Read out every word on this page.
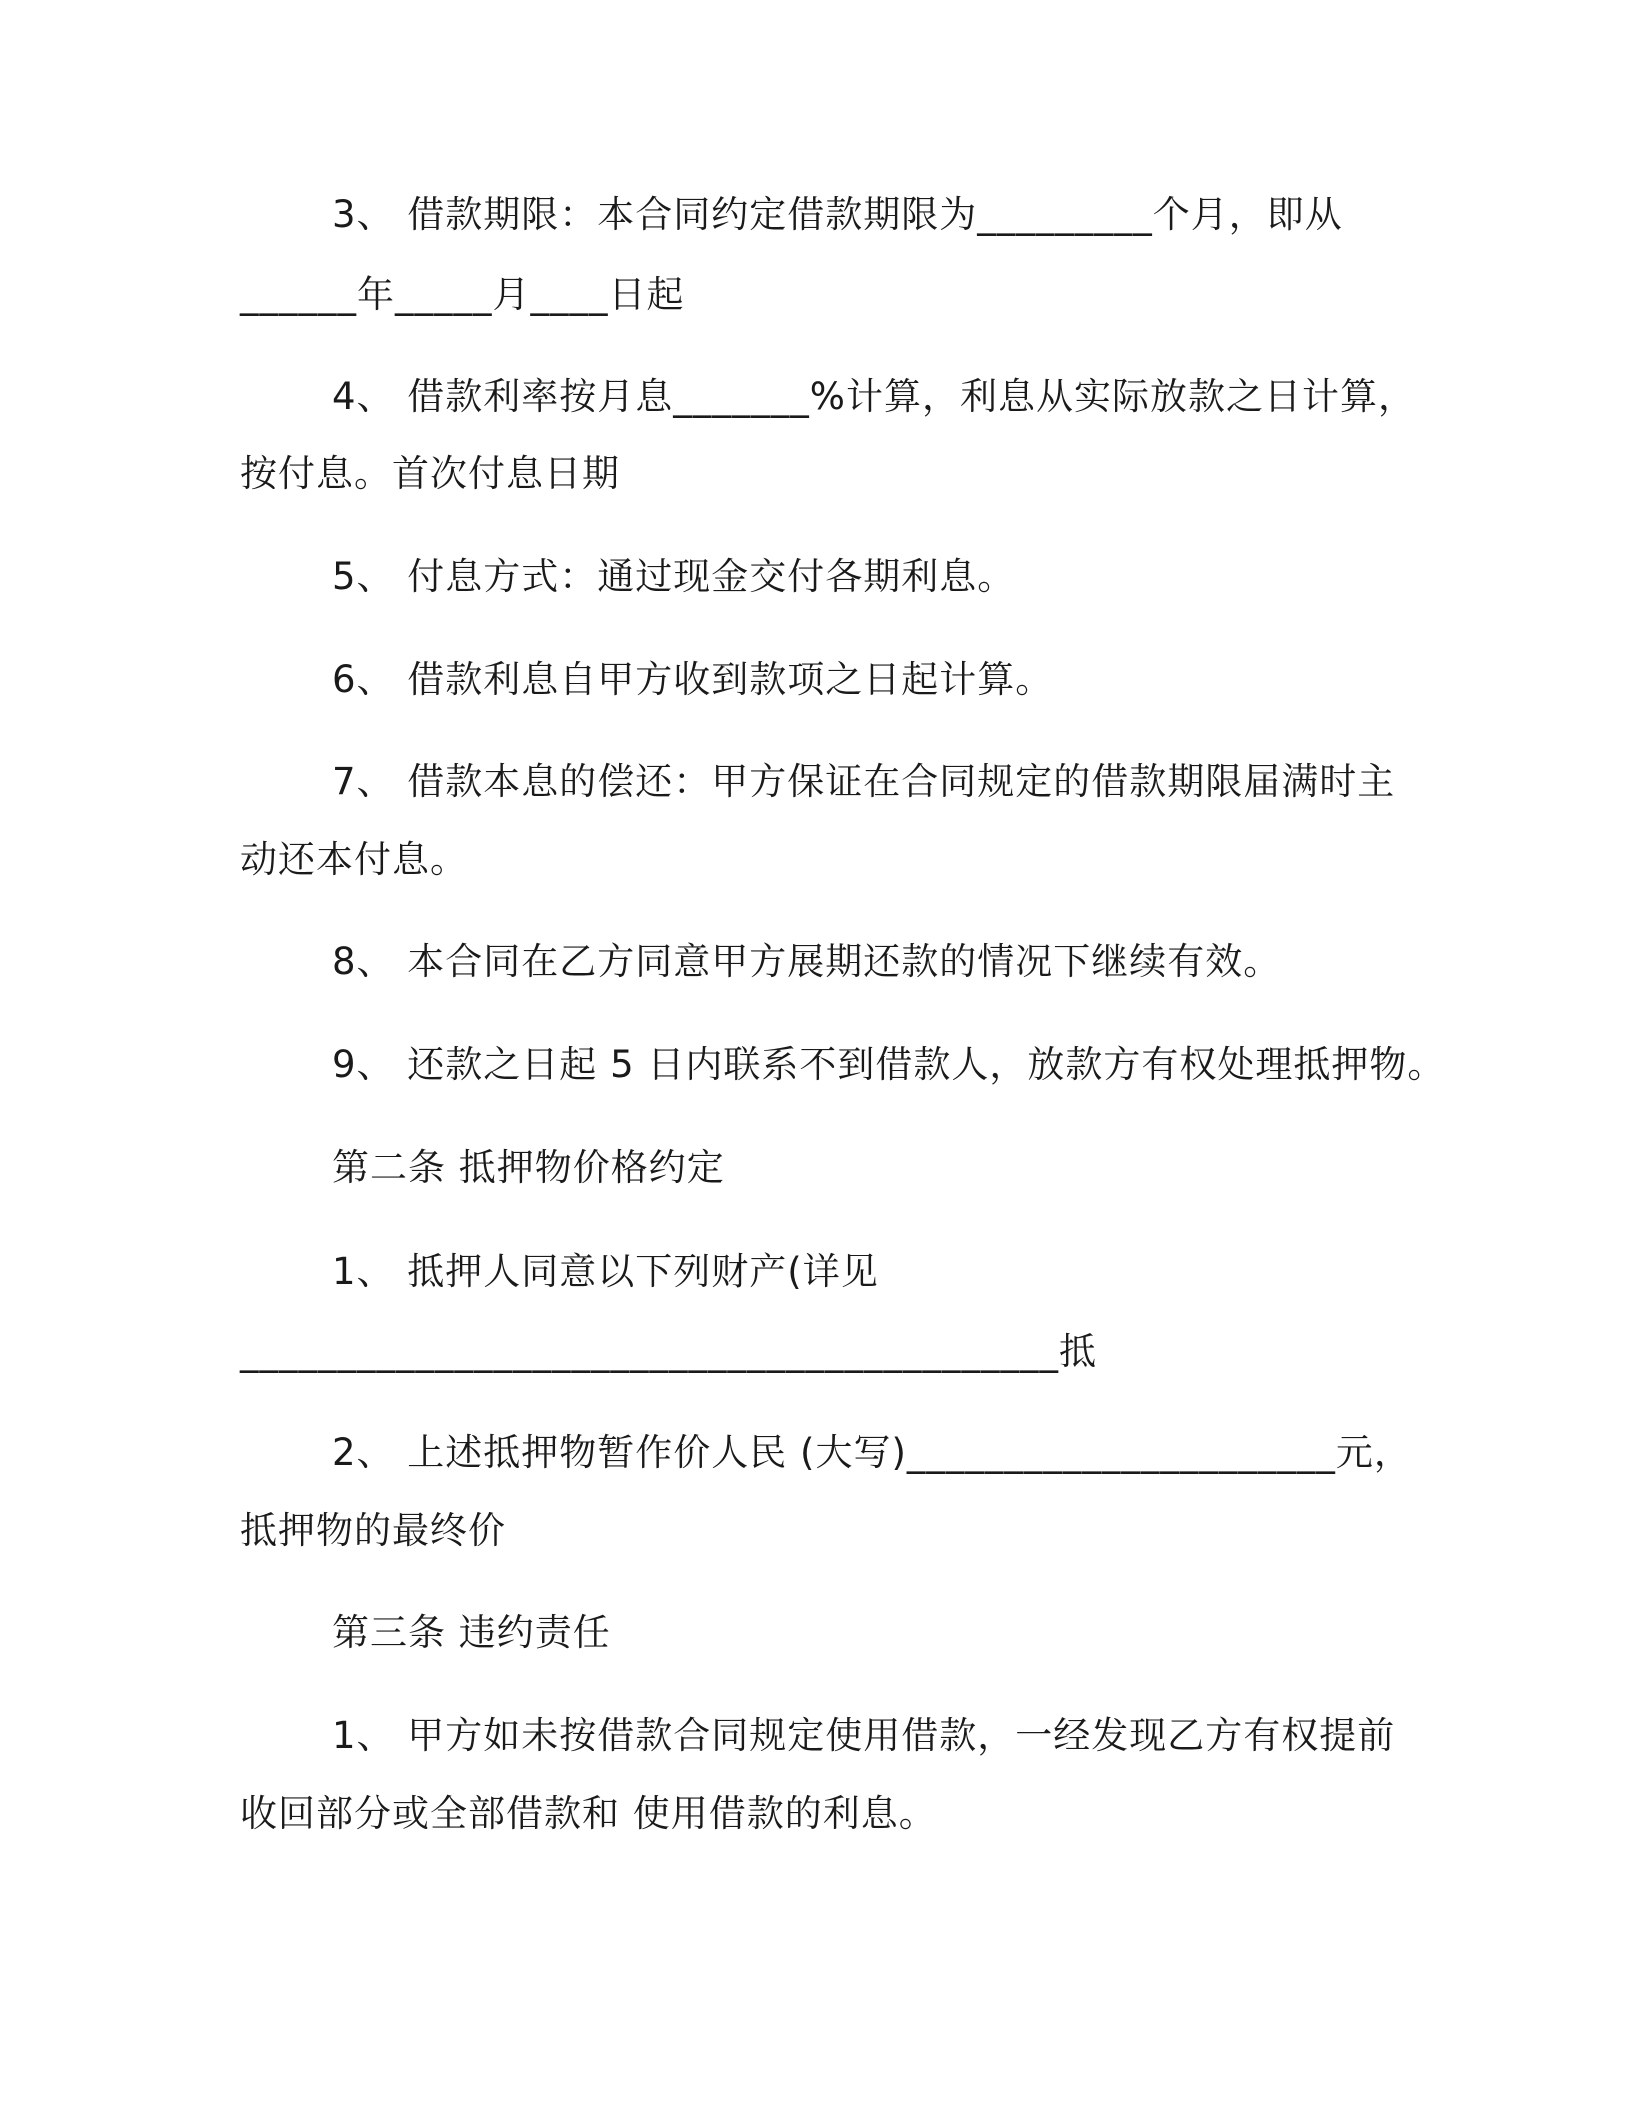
3、 借款期限：本合同约定借款期限为_________个月，即从
______年_____月____日起
4、 借款利率按月息_______%计算，利息从实际放款之日计算，
按付息。首次付息日期
5、 付息方式：通过现金交付各期利息。
6、 借款利息自甲方收到款项之日起计算。
7、 借款本息的偿还：甲方保证在合同规定的借款期限届满时主
动还本付息。
8、 本合同在乙方同意甲方展期还款的情况下继续有效。
9、 还款之日起 5 日内联系不到借款人，放款方有权处理抵押物。
第二条 抵押物价格约定
1、 抵押人同意以下列财产(详见
__________________________________________抵
2、 上述抵押物暂作价人民 (大写)______________________元，
抵押物的最终价
第三条 违约责任
1、 甲方如未按借款合同规定使用借款，一经发现乙方有权提前
收回部分或全部借款和 使用借款的利息。
